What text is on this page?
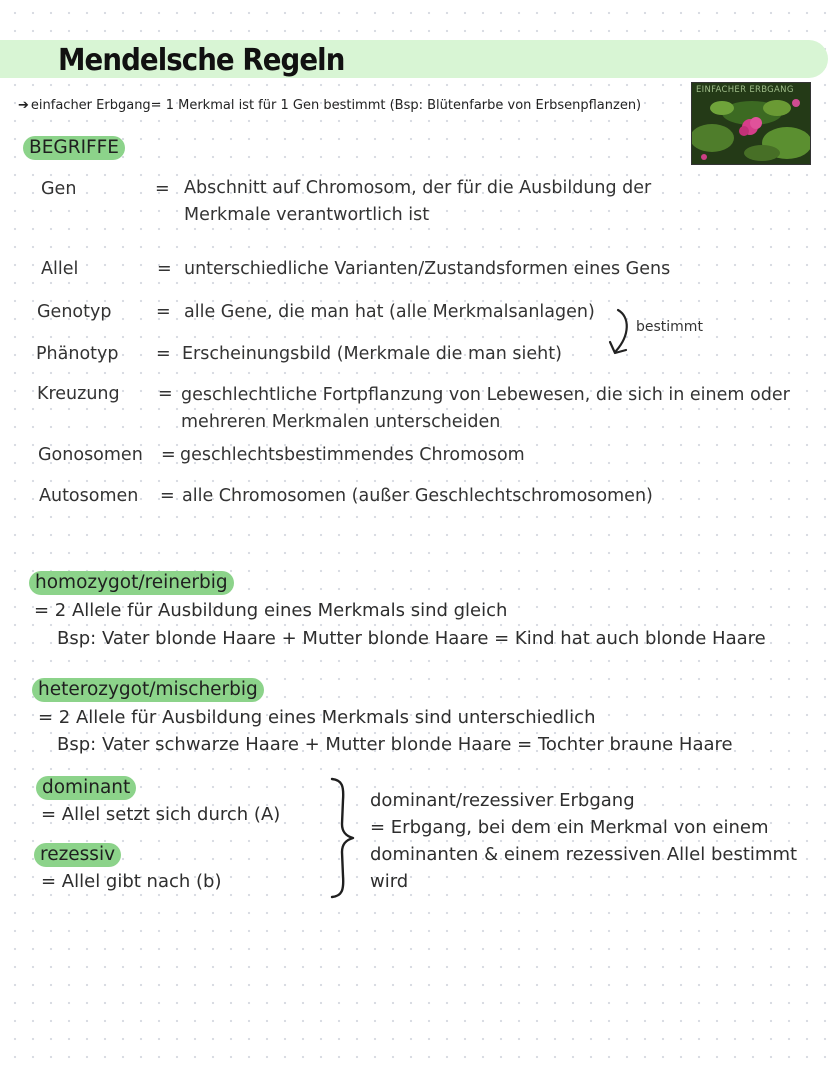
Mendelsche Regeln
➔ einfacher Erbgang= 1 Merkmal ist für 1 Gen bestimmt (Bsp: Blütenfarbe von Erbsenpflanzen)
EINFACHER ERBGANG
BEGRIFFE
Gen	= Abschnitt auf Chromosom, der für die Ausbildung der
Merkmale verantwortlich ist
Allel	= unterschiedliche Varianten/Zustandsformen eines Gens
Genotyp	= alle Gene, die man hat (alle Merkmalsanlagen)
bestimmt
Phänotyp = Erscheinungsbild (Merkmale die man sieht)
Kreuzung = geschlechtliche Fortpflanzung von Lebewesen, die sich in einem oder
mehreren Merkmalen unterscheiden
Gonosomen = geschlechtsbestimmendes Chromosom
Autosomen = alle Chromosomen (außer Geschlechtschromosomen)
homozygot/reinerbig
= 2 Allele für Ausbildung eines Merkmals sind gleich
Bsp: Vater blonde Haare + Mutter blonde Haare = Kind hat auch blonde Haare
heterozygot/mischerbig
= 2 Allele für Ausbildung eines Merkmals sind unterschiedlich
Bsp: Vater schwarze Haare + Mutter blonde Haare = Tochter braune Haare
dominant
= Allel setzt sich durch (A)
rezessiv
= Allel gibt nach (b)
dominant/rezessiver Erbgang
= Erbgang, bei dem ein Merkmal von einem
dominanten & einem rezessiven Allel bestimmt
wird
